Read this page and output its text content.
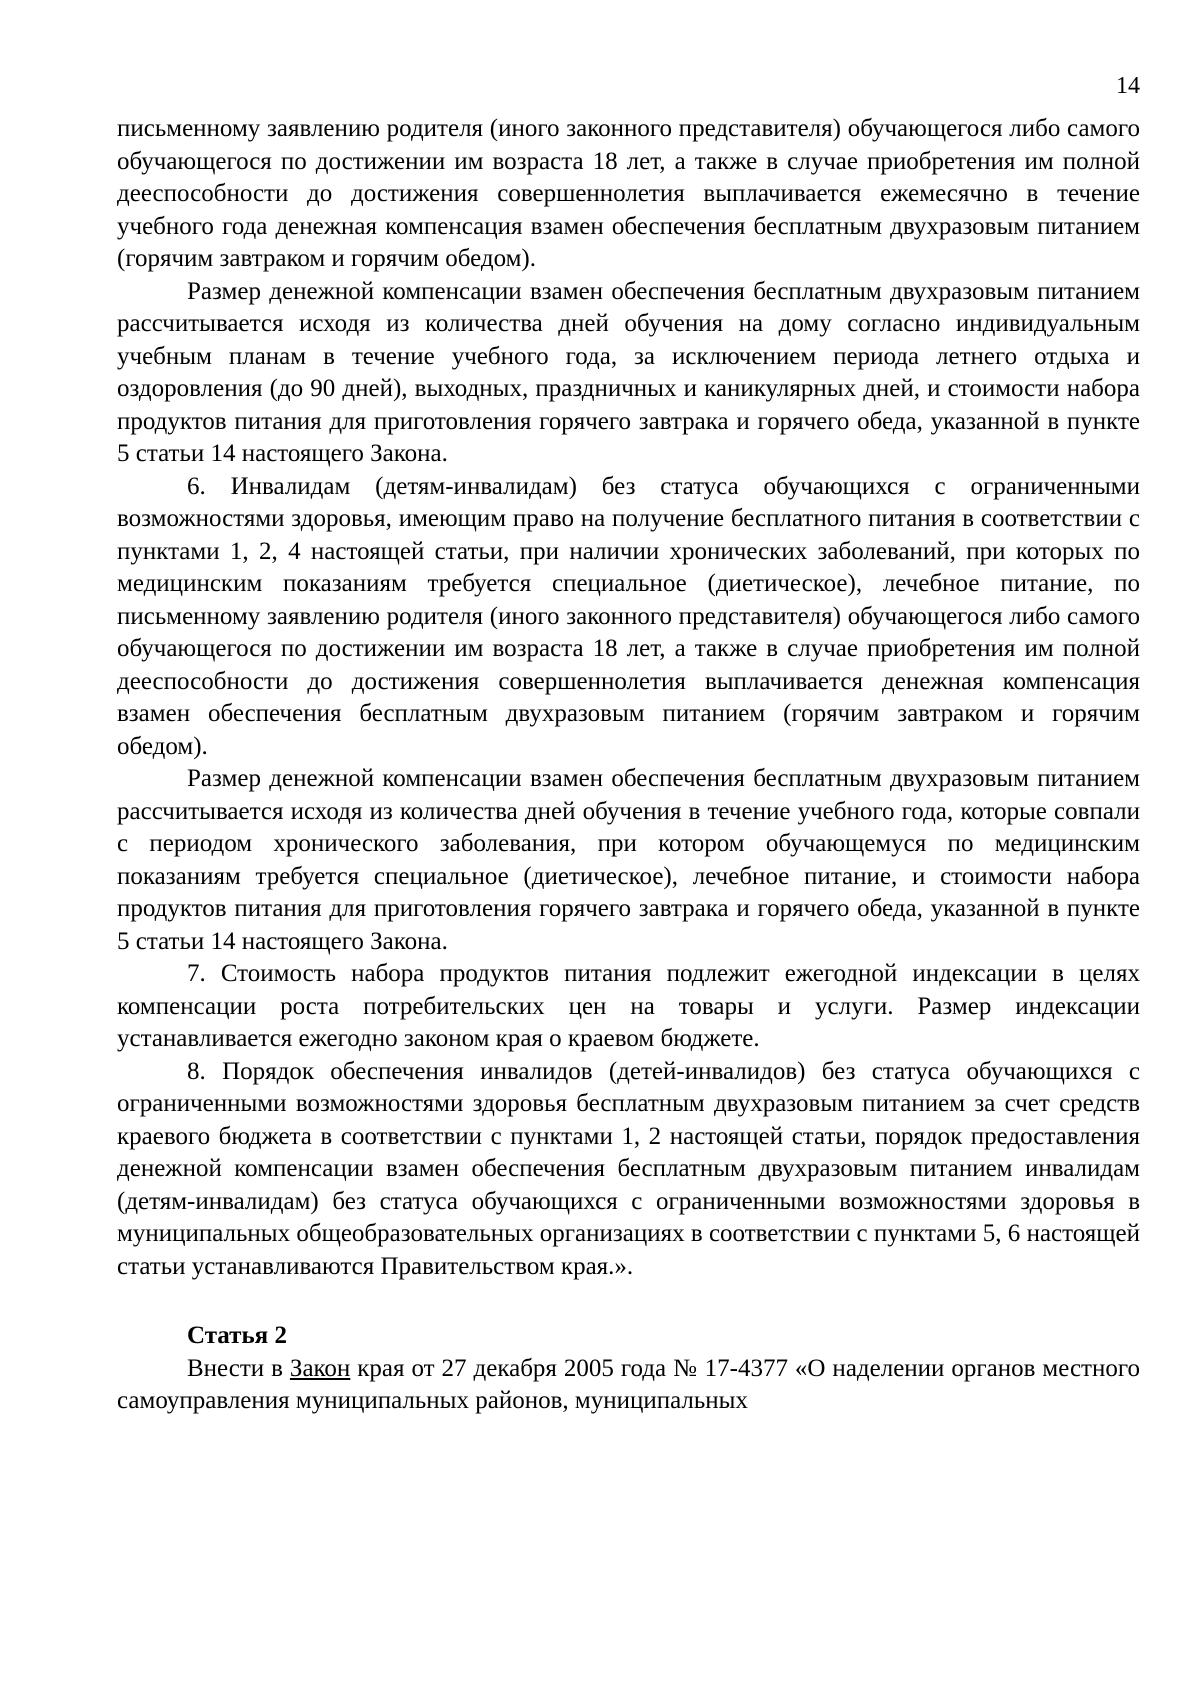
14

письменному заявлению родителя (иного законного представителя) обучающегося либо самого обучающегося по достижении им возраста 18 лет, а также в случае приобретения им полной дееспособности до достижения совершеннолетия выплачивается ежемесячно в течение учебного года денежная компенсация взамен обеспечения бесплатным двухразовым питанием (горячим завтраком и горячим обедом).

Размер денежной компенсации взамен обеспечения бесплатным двухразовым питанием рассчитывается исходя из количества дней обучения на дому согласно индивидуальным учебным планам в течение учебного года, за исключением периода летнего отдыха и оздоровления (до 90 дней), выходных, праздничных и каникулярных дней, и стоимости набора продуктов питания для приготовления горячего завтрака и горячего обеда, указанной в пункте 5 статьи 14 настоящего Закона.

6. Инвалидам (детям-инвалидам) без статуса обучающихся с ограниченными возможностями здоровья, имеющим право на получение бесплатного питания в соответствии с пунктами 1, 2, 4 настоящей статьи, при наличии хронических заболеваний, при которых по медицинским показаниям требуется специальное (диетическое), лечебное питание, по письменному заявлению родителя (иного законного представителя) обучающегося либо самого обучающегося по достижении им возраста 18 лет, а также в случае приобретения им полной дееспособности до достижения совершеннолетия выплачивается денежная компенсация взамен обеспечения бесплатным двухразовым питанием (горячим завтраком и горячим обедом).

Размер денежной компенсации взамен обеспечения бесплатным двухразовым питанием рассчитывается исходя из количества дней обучения в течение учебного года, которые совпали с периодом хронического заболевания, при котором обучающемуся по медицинским показаниям требуется специальное (диетическое), лечебное питание, и стоимости набора продуктов питания для приготовления горячего завтрака и горячего обеда, указанной в пункте 5 статьи 14 настоящего Закона.

7. Стоимость набора продуктов питания подлежит ежегодной индексации в целях компенсации роста потребительских цен на товары и услуги. Размер индексации устанавливается ежегодно законом края о краевом бюджете.

8. Порядок обеспечения инвалидов (детей-инвалидов) без статуса обучающихся с ограниченными возможностями здоровья бесплатным двухразовым питанием за счет средств краевого бюджета в соответствии с пунктами 1, 2 настоящей статьи, порядок предоставления денежной компенсации взамен обеспечения бесплатным двухразовым питанием инвалидам (детям-инвалидам) без статуса обучающихся с ограниченными возможностями здоровья в муниципальных общеобразовательных организациях в соответствии с пунктами 5, 6 настоящей статьи устанавливаются Правительством края.».

Статья 2

Внести в Закон края от 27 декабря 2005 года № 17-4377 «О наделении органов местного самоуправления муниципальных районов, муниципальных
